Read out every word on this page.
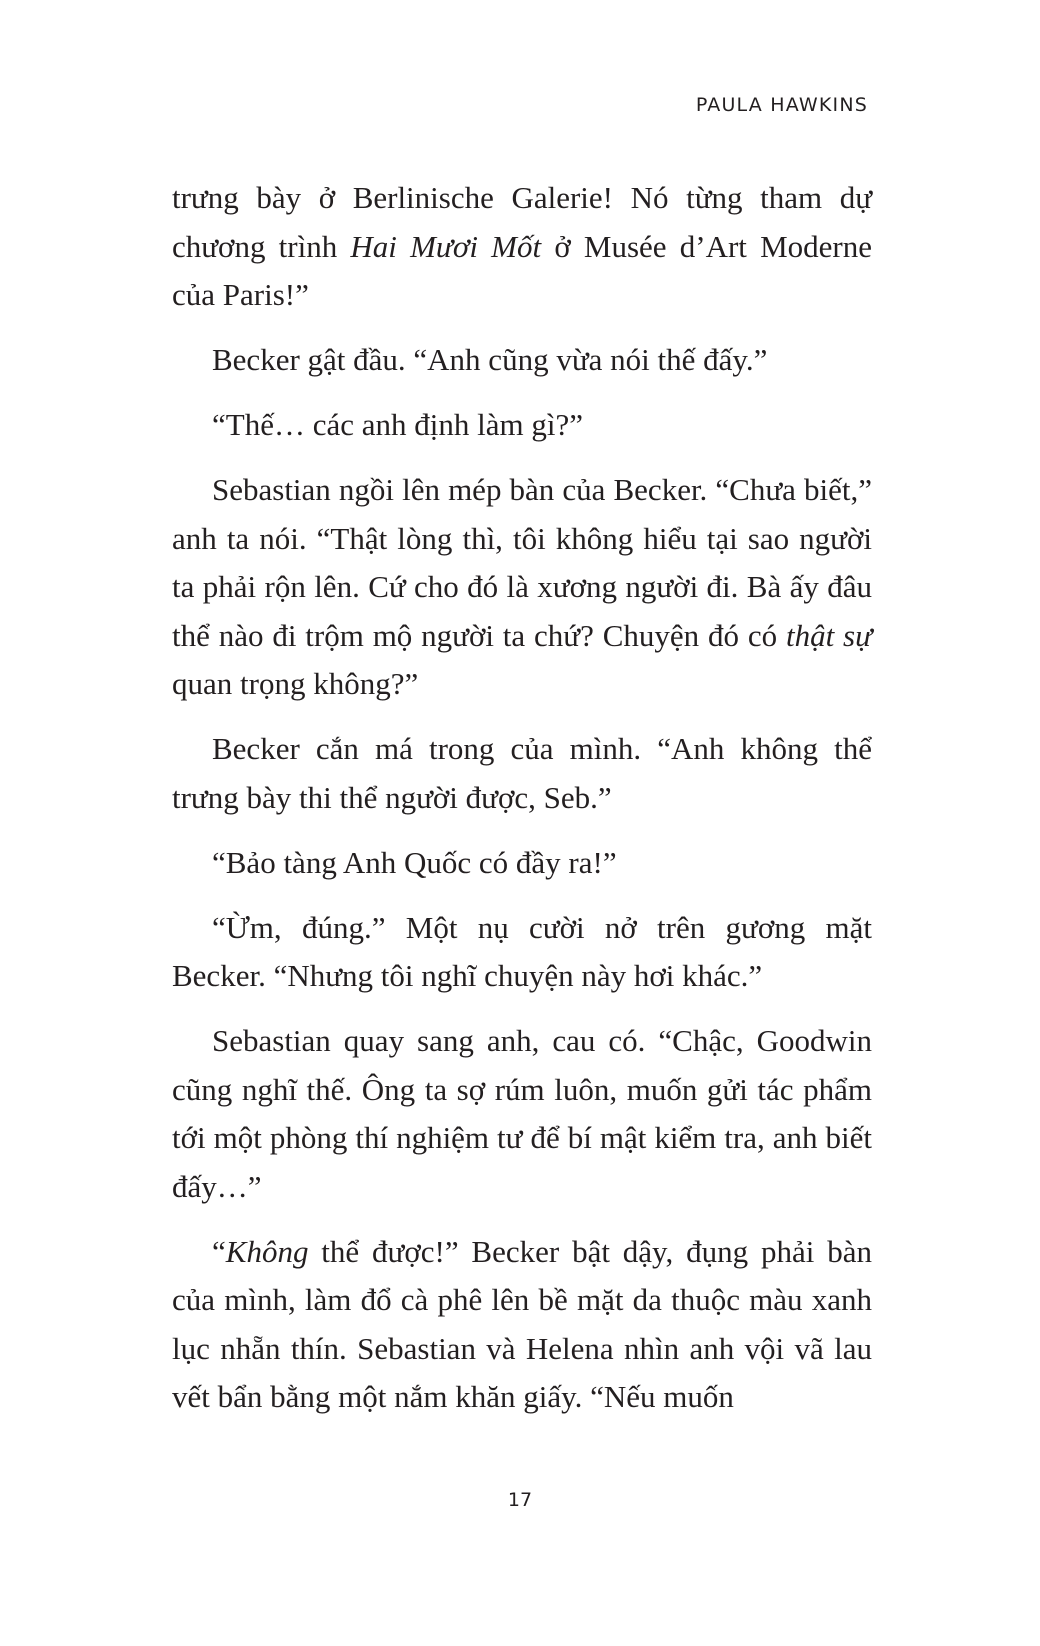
PAULA HAWKINS

trưng bày ở Berlinische Galerie! Nó từng tham dự chương trình Hai Mươi Mốt ở Musée d’Art Moderne của Paris!”

Becker gật đầu. “Anh cũng vừa nói thế đấy.”

“Thế… các anh định làm gì?”

Sebastian ngồi lên mép bàn của Becker. “Chưa biết,” anh ta nói. “Thật lòng thì, tôi không hiểu tại sao người ta phải rộn lên. Cứ cho đó là xương người đi. Bà ấy đâu thể nào đi trộm mộ người ta chứ? Chuyện đó có thật sự quan trọng không?”

Becker cắn má trong của mình. “Anh không thể trưng bày thi thể người được, Seb.”

“Bảo tàng Anh Quốc có đầy ra!”

“Ừm, đúng.” Một nụ cười nở trên gương mặt Becker. “Nhưng tôi nghĩ chuyện này hơi khác.”

Sebastian quay sang anh, cau có. “Chậc, Goodwin cũng nghĩ thế. Ông ta sợ rúm luôn, muốn gửi tác phẩm tới một phòng thí nghiệm tư để bí mật kiểm tra, anh biết đấy…”

“Không thể được!” Becker bật dậy, đụng phải bàn của mình, làm đổ cà phê lên bề mặt da thuộc màu xanh lục nhẵn thín. Sebastian và Helena nhìn anh vội vã lau vết bẩn bằng một nắm khăn giấy. “Nếu muốn

17
